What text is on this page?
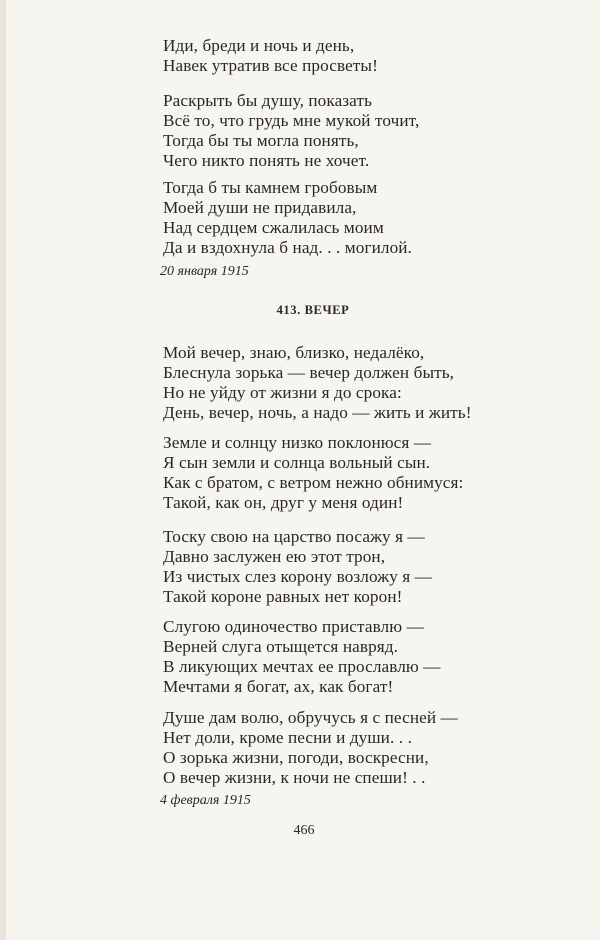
Иди, бреди и ночь и день,
Навек утратив все просветы!
Раскрыть бы душу, показать
Всё то, что грудь мне мукой точит,
Тогда бы ты могла понять,
Чего никто понять не хочет.
Тогда б ты камнем гробовым
Моей души не придавила,
Над сердцем сжалилась моим
Да и вздохнула б над. . . могилой.
20 января 1915
413. ВЕЧЕР
Мой вечер, знаю, близко, недалёко,
Блеснула зорька — вечер должен быть,
Но не уйду от жизни я до срока:
День, вечер, ночь, а надо — жить и жить!
Земле и солнцу низко поклонюся —
Я сын земли и солнца вольный сын.
Как с братом, с ветром нежно обнимуся:
Такой, как он, друг у меня один!
Тоску свою на царство посажу я —
Давно заслужен ею этот трон,
Из чистых слез корону возложу я —
Такой короне равных нет корон!
Слугою одиночество приставлю —
Верней слуга отыщется навряд.
В ликующих мечтах ее прославлю —
Мечтами я богат, ах, как богат!
Душе дам волю, обручусь я с песней —
Нет доли, кроме песни и души. . .
О зорька жизни, погоди, воскресни,
О вечер жизни, к ночи не спеши! . .
4 февраля 1915
466
